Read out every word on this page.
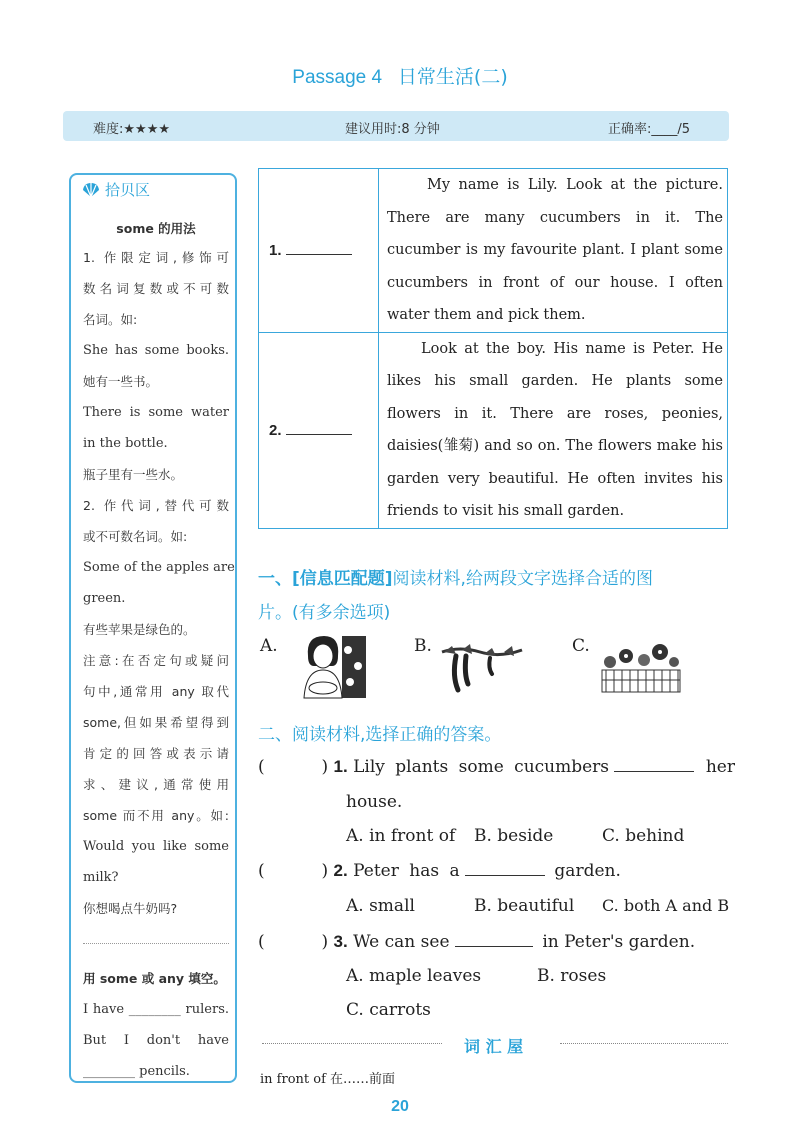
Passage 4 日常生活(二)
难度:★★★★	建议用时:8 分钟	正确率:____/5
拾贝区
some 的用法

1. 作限定词,修饰可

数名词复数或不可数

名词。如:

She has some books.

她有一些书。

There is some water

in the bottle.

瓶子里有一些水。

2. 作代词,替代可数

或不可数名词。如:

Some of the apples are

green.

有些苹果是绿色的。

注意:在否定句或疑问

句中,通常用 any 取代

some,但如果希望得到

肯定的回答或表示请

求、建议,通常使用

some 而不用 any。如:

Would you like some

milk?

你想喝点牛奶吗?

用 some 或 any 填空。

I have ________ rulers.

But I don't have

________ pencils.

1.	My name is Lily. Look at the picture. There are many cucumbers in it. The cucumber is my favourite plant. I plant some cucumbers in front of our house. I often water them and pick them.

2.	Look at the boy. His name is Peter. He likes his small garden. He plants some flowers in it. There are roses, peonies, daisies(雏菊) and so on. The flowers make his garden very beautiful. He often invites his friends to visit his small garden.

一、[信息匹配题]阅读材料,给两段文字选择合适的图
片。(有多余选项)
A.	B.	C.
二、阅读材料,选择正确的答案。
(	) 1. Lily plants some cucumbers	her
house.
A. in front of B. beside	C. behind
(	) 2. Peter has a	garden.
A. small	B. beautiful C. both A and B
(	) 3. We can see	in Peter's garden.
A. maple leaves	B. roses
C. carrots
词 汇 屋
in front of 在……前面
20
